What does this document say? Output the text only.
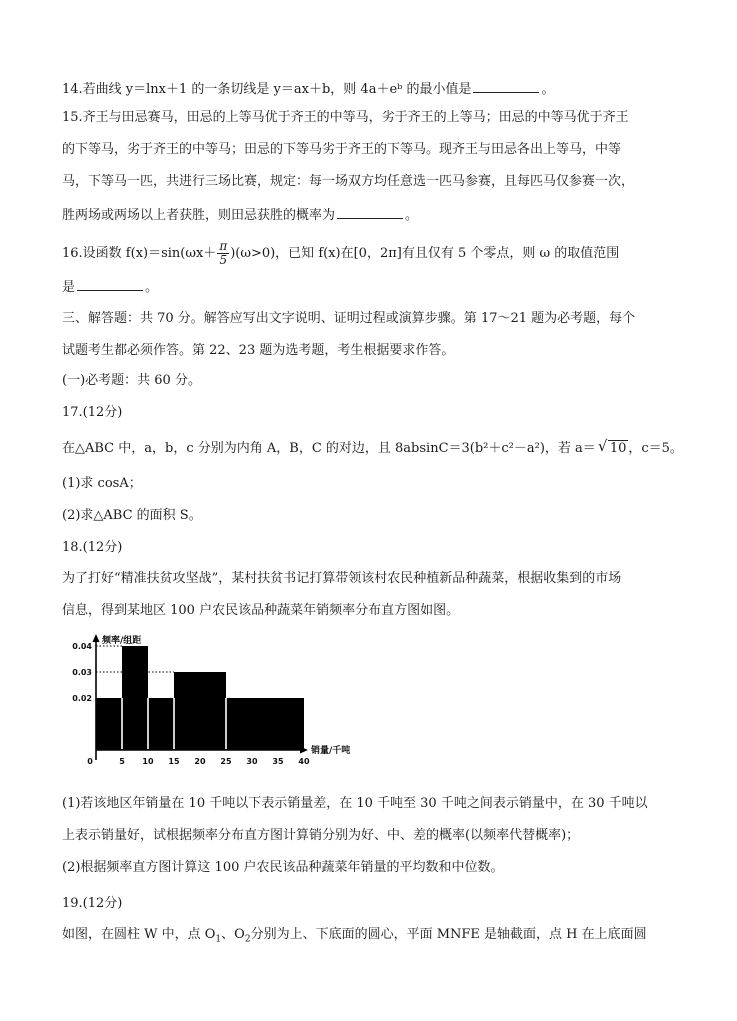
14.若曲线 y＝lnx＋1 的一条切线是 y＝ax＋b，则 4a＋eᵇ 的最小值是	。
15.齐王与田忌赛马，田忌的上等马优于齐王的中等马，劣于齐王的上等马；田忌的中等马优于齐王
的下等马，劣于齐王的中等马；田忌的下等马劣于齐王的下等马。现齐王与田忌各出上等马，中等
马，下等马一匹，共进行三场比赛，规定：每一场双方均任意选一匹马参赛，且每匹马仅参赛一次，
胜两场或两场以上者获胜，则田忌获胜的概率为	。
16.设函数 $f(x)=\sin(\omega x+ \frac{\pi}{5} )(\omega>0)$，已知 f(x)在[0，2π]有且仅有 5 个零点，则 ω 的取值范围
是	。
三、解答题：共 70 分。解答应写出文字说明、证明过程或演算步骤。第 17～21 题为必考题，每个
试题考生都必须作答。第 22、23 题为选考题，考生根据要求作答。
(一)必考题：共 60 分。
17.(12分)
在△ABC 中，a，b，c 分别为内角 A，B，C 的对边，且 8absinC＝3(b²＋c²－a²)，若 a＝ √ 10 ，c＝5。
(1)求 cosA；
(2)求△ABC 的面积 S。
18.(12分)
为了打好“精准扶贫攻坚战”，某村扶贫书记打算带领该村农民种植新品种蔬菜，根据收集到的市场
信息，得到某地区 100 户农民该品种蔬菜年销频率分布直方图如图。
频率/组距
销量/千吨
0	5 10 15 20 25 30 35 40
0.02
0.03
0.04
(1)若该地区年销量在 10 千吨以下表示销量差，在 10 千吨至 30 千吨之间表示销量中，在 30 千吨以
上表示销量好，试根据频率分布直方图计算销分别为好、中、差的概率(以频率代替概率)；
(2)根据频率直方图计算这 100 户农民该品种蔬菜年销量的平均数和中位数。
19.(12分)
如图，在圆柱 W 中，点 $O_1$、$O_2$分别为上、下底面的圆心，平面 MNFE 是轴截面，点 H 在上底面圆
